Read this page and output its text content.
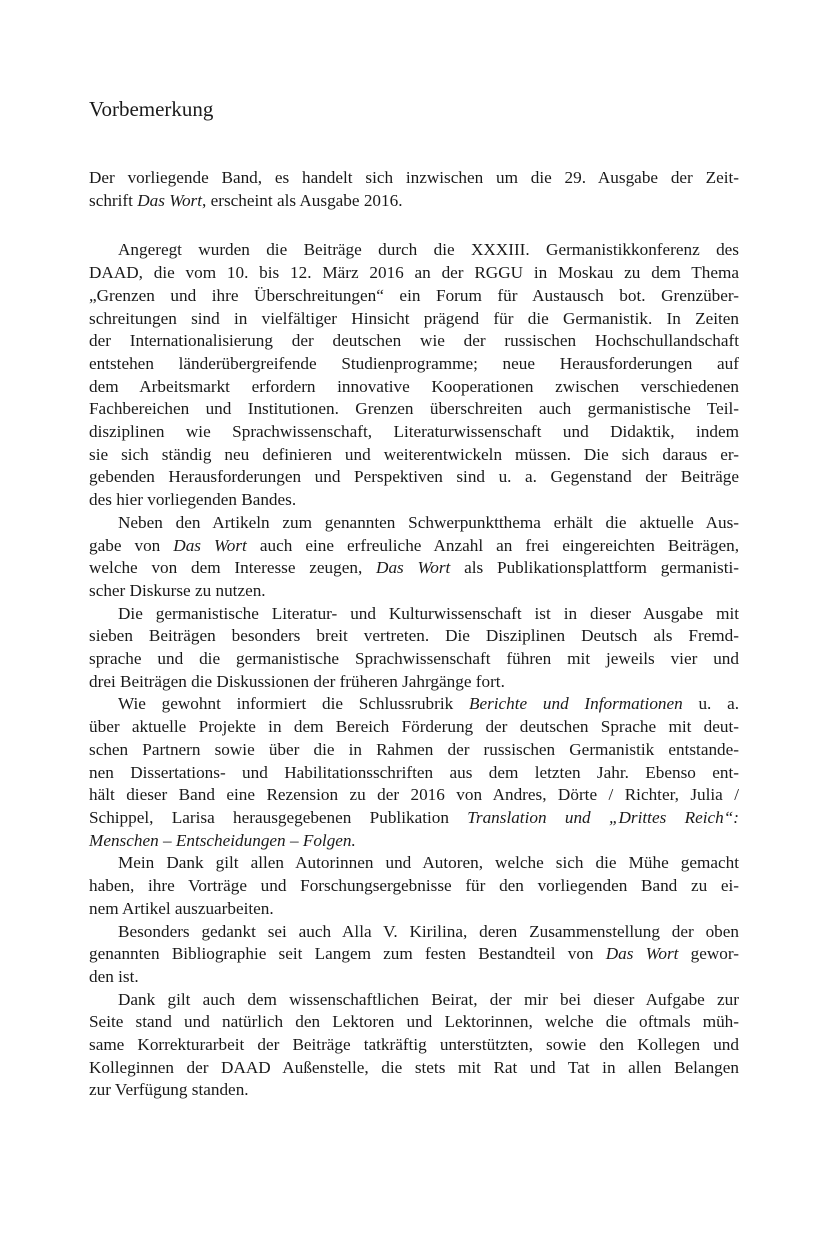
Vorbemerkung

Der vorliegende Band, es handelt sich inzwischen um die 29. Ausgabe der Zeit-
schrift Das Wort, erscheint als Ausgabe 2016.

Angeregt wurden die Beiträge durch die XXXIII. Germanistikkonferenz des
DAAD, die vom 10. bis 12. März 2016 an der RGGU in Moskau zu dem Thema
„Grenzen und ihre Überschreitungen“ ein Forum für Austausch bot. Grenzüber-
schreitungen sind in vielfältiger Hinsicht prägend für die Germanistik. In Zeiten
der Internationalisierung der deutschen wie der russischen Hochschullandschaft
entstehen länderübergreifende Studienprogramme; neue Herausforderungen auf
dem Arbeitsmarkt erfordern innovative Kooperationen zwischen verschiedenen
Fachbereichen und Institutionen. Grenzen überschreiten auch germanistische Teil-
disziplinen wie Sprachwissenschaft, Literaturwissenschaft und Didaktik, indem
sie sich ständig neu definieren und weiterentwickeln müssen. Die sich daraus er-
gebenden Herausforderungen und Perspektiven sind u. a. Gegenstand der Beiträge
des hier vorliegenden Bandes.

Neben den Artikeln zum genannten Schwerpunktthema erhält die aktuelle Aus-
gabe von Das Wort auch eine erfreuliche Anzahl an frei eingereichten Beiträgen,
welche von dem Interesse zeugen, Das Wort als Publikationsplattform germanisti-
scher Diskurse zu nutzen.

Die germanistische Literatur- und Kulturwissenschaft ist in dieser Ausgabe mit
sieben Beiträgen besonders breit vertreten. Die Disziplinen Deutsch als Fremd-
sprache und die germanistische Sprachwissenschaft führen mit jeweils vier und
drei Beiträgen die Diskussionen der früheren Jahrgänge fort.

Wie gewohnt informiert die Schlussrubrik Berichte und Informationen u. a.
über aktuelle Projekte in dem Bereich Förderung der deutschen Sprache mit deut-
schen Partnern sowie über die in Rahmen der russischen Germanistik entstande-
nen Dissertations- und Habilitationsschriften aus dem letzten Jahr. Ebenso ent-
hält dieser Band eine Rezension zu der 2016 von Andres, Dörte / Richter, Julia /
Schippel, Larisa herausgegebenen Publikation Translation und „Drittes Reich“:
Menschen – Entscheidungen – Folgen.

Mein Dank gilt allen Autorinnen und Autoren, welche sich die Mühe gemacht
haben, ihre Vorträge und Forschungsergebnisse für den vorliegenden Band zu ei-
nem Artikel auszuarbeiten.

Besonders gedankt sei auch Alla V. Kirilina, deren Zusammenstellung der oben
genannten Bibliographie seit Langem zum festen Bestandteil von Das Wort gewor-
den ist.

Dank gilt auch dem wissenschaftlichen Beirat, der mir bei dieser Aufgabe zur
Seite stand und natürlich den Lektoren und Lektorinnen, welche die oftmals müh-
same Korrekturarbeit der Beiträge tatkräftig unterstützten, sowie den Kollegen und
Kolleginnen der DAAD Außenstelle, die stets mit Rat und Tat in allen Belangen
zur Verfügung standen.
